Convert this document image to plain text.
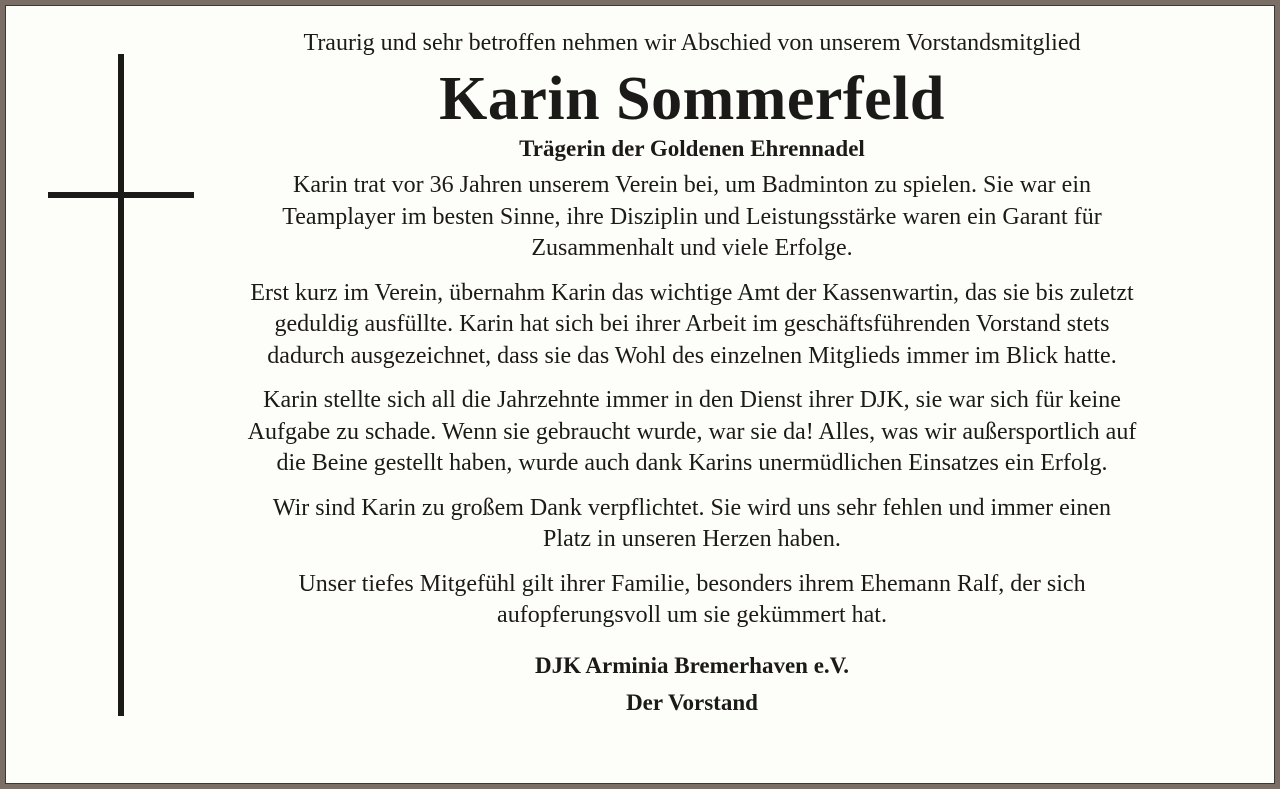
Traurig und sehr betroffen nehmen wir Abschied von unserem Vorstandsmitglied

Karin Sommerfeld

Trägerin der Goldenen Ehrennadel

Karin trat vor 36 Jahren unserem Verein bei, um Badminton zu spielen. Sie war ein
Teamplayer im besten Sinne, ihre Disziplin und Leistungsstärke waren ein Garant für
Zusammenhalt und viele Erfolge.

Erst kurz im Verein, übernahm Karin das wichtige Amt der Kassenwartin, das sie bis zuletzt
geduldig ausfüllte. Karin hat sich bei ihrer Arbeit im geschäftsführenden Vorstand stets
dadurch ausgezeichnet, dass sie das Wohl des einzelnen Mitglieds immer im Blick hatte.

Karin stellte sich all die Jahrzehnte immer in den Dienst ihrer DJK, sie war sich für keine
Aufgabe zu schade. Wenn sie gebraucht wurde, war sie da! Alles, was wir außersportlich auf
die Beine gestellt haben, wurde auch dank Karins unermüdlichen Einsatzes ein Erfolg.

Wir sind Karin zu großem Dank verpflichtet. Sie wird uns sehr fehlen und immer einen
Platz in unseren Herzen haben.

Unser tiefes Mitgefühl gilt ihrer Familie, besonders ihrem Ehemann Ralf, der sich
aufopferungsvoll um sie gekümmert hat.

DJK Arminia Bremerhaven e.V.

Der Vorstand
